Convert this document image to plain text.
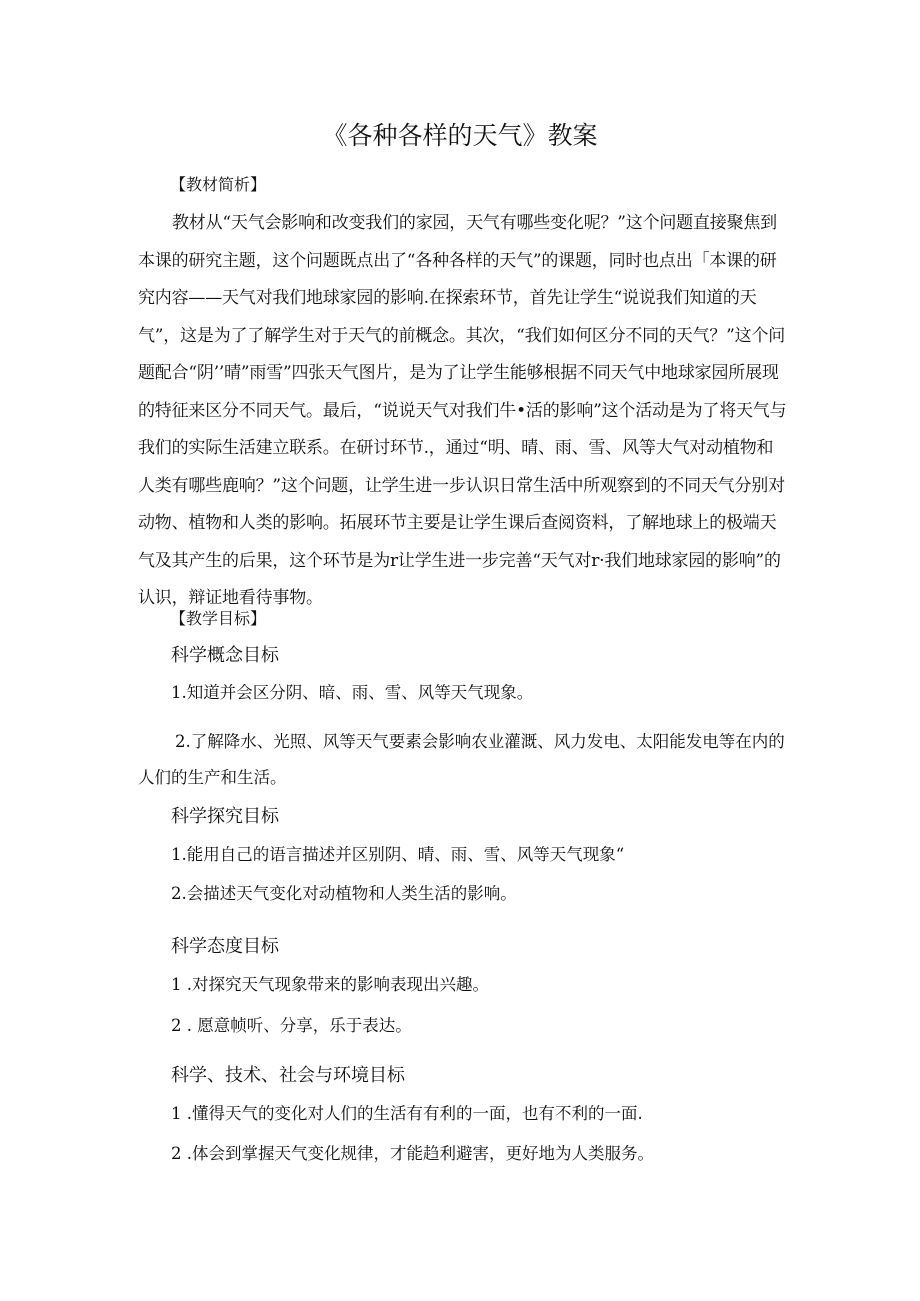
《各种各样的天气》教案
【教材简析】
教材从“天气会影响和改变我们的家园，天气有哪些变化呢？”这个问题直接聚焦到本课的研究主题，这个问题既点出了“各种各样的天气”的课题，同时也点出「本课的研究内容——天气对我们地球家园的影响.在探索环节，首先让学生“说说我们知道的天气”，这是为了了解学生对于天气的前概念。其次，“我们如何区分不同的天气？”这个问题配合“阴’’晴”雨雪”四张天气图片，是为了让学生能够根据不同天气中地球家园所展现的特征来区分不同天气。最后，“说说天气对我们牛•活的影响”这个活动是为了将天气与我们的实际生活建立联系。在研讨环节.，通过“明、晴、雨、雪、风等大气对动植物和人类有哪些鹿响？”这个问题，让学生进一步认识日常生活中所观察到的不同天气分别对动物、植物和人类的影响。拓展环节主要是让学生课后查阅资料，了解地球上的极端天气及其产生的后果，这个环节是为r让学生进一步完善“天气对r·我们地球家园的影响”的认识，辩证地看待事物。
【教学目标】
科学概念目标
1.知道并会区分阴、暗、雨、雪、风等天气现象。
2.了解降水、光照、风等天气要素会影响农业灌溉、风力发电、太阳能发电等在内的人们的生产和生活。
科学探究目标
1.能用自己的语言描述并区别阴、晴、雨、雪、风等天气现象“
2.会描述天气变化对动植物和人类生活的影响。
科学态度目标
1 .对探究天气现象带来的影响表现出兴趣。
2 . 愿意帧听、分享，乐于表达。
科学、技术、社会与环境目标
1 .懂得天气的变化对人们的生活有有利的一面，也有不利的一面.
2 .体会到掌握天气变化规律，才能趋利避害，更好地为人类服务。
